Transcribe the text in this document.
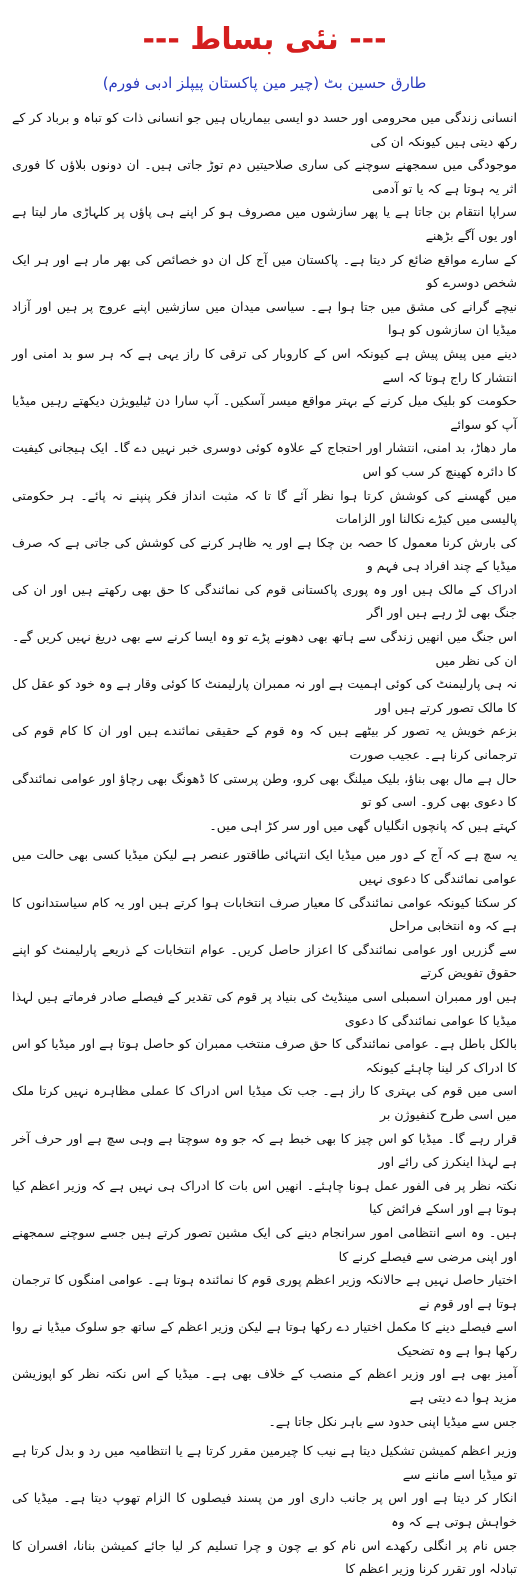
--- نئی بساط ---
طارق حسین بٹ (چیر مین پاکستان پیپلز ادبی فورم)

انسانی زندگی میں محرومی اور حسد دو ایسی بیماریاں ہیں جو انسانی ذات کو تباہ و برباد کر کے رکھ دیتی ہیں کیونکہ ان کی

موجودگی میں سمجھنے سوچنے کی ساری صلاحیتیں دم توڑ جاتی ہیں۔ ان دونوں بلاؤں کا فوری اثر یہ ہوتا ہے کہ یا تو آدمی

سراپا انتقام بن جاتا ہے یا پھر سازشوں میں مصروف ہو کر اپنے ہی پاؤں پر کلہاڑی مار لیتا ہے اور یوں آگے بڑھنے

کے سارے مواقع ضائع کر دیتا ہے۔ پاکستان میں آج کل ان دو خصائص کی بھر مار ہے اور ہر ایک شخص دوسرے کو

نیچے گرانے کی مشق میں جتا ہوا ہے۔ سیاسی میدان میں سازشیں اپنے عروج پر ہیں اور آزاد میڈیا ان سازشوں کو ہوا

دینے میں پیش پیش ہے کیونکہ اس کے کاروبار کی ترقی کا راز یہی ہے کہ ہر سو بد امنی اور انتشار کا راج ہوتا کہ اسے

حکومت کو بلیک میل کرنے کے بہتر مواقع میسر آسکیں۔ آپ سارا دن ٹیلیویژن دیکھتے رہیں میڈیا آپ کو سوائے

مار دھاڑ، بد امنی، انتشار اور احتجاج کے علاوہ کوئی دوسری خبر نہیں دے گا۔ ایک ہیجانی کیفیت کا دائرہ کھینچ کر سب کو اس

میں گھسنے کی کوشش کرتا ہوا نظر آئے گا تا کہ مثبت انداز فکر پنپنے نہ پائے۔ ہر حکومتی پالیسی میں کیڑے نکالنا اور الزامات

کی بارش کرنا معمول کا حصہ بن چکا ہے اور یہ ظاہر کرنے کی کوشش کی جاتی ہے کہ صرف میڈیا کے چند افراد ہی فہم و

ادراک کے مالک ہیں اور وہ پوری پاکستانی قوم کی نمائندگی کا حق بھی رکھتے ہیں اور ان کی جنگ بھی لڑ رہے ہیں اور اگر

اس جنگ میں انھیں زندگی سے ہاتھ بھی دھونے پڑے تو وہ ایسا کرنے سے بھی دریغ نہیں کریں گے۔ ان کی نظر میں

نہ ہی پارلیمنٹ کی کوئی اہمیت ہے اور نہ ممبران پارلیمنٹ کا کوئی وقار ہے وہ خود کو عقل کل کا مالک تصور کرتے ہیں اور

بزعم خویش یہ تصور کر بیٹھے ہیں کہ وہ قوم کے حقیقی نمائندے ہیں اور ان کا کام قوم کی ترجمانی کرنا ہے۔ عجیب صورت

حال ہے مال بھی بناؤ، بلیک میلنگ بھی کرو، وطن پرستی کا ڈھونگ بھی رچاؤ اور عوامی نمائندگی کا دعوی بھی کرو۔ اسی کو تو

کہتے ہیں کہ پانچوں انگلیاں گھی میں اور سر کڑ اہی میں۔

یہ سچ ہے کہ آج کے دور میں میڈیا ایک انتہائی طاقتور عنصر ہے لیکن میڈیا کسی بھی حالت میں عوامی نمائندگی کا دعوی نہیں

کر سکتا کیونکہ عوامی نمائندگی کا معیار صرف انتخابات ہوا کرتے ہیں اور یہ کام سیاستدانوں کا ہے کہ وہ انتخابی مراحل

سے گزریں اور عوامی نمائندگی کا اعزاز حاصل کریں۔ عوام انتخابات کے ذریعے پارلیمنٹ کو اپنے حقوق تفویض کرتے

ہیں اور ممبران اسمبلی اسی مینڈیٹ کی بنیاد پر قوم کی تقدیر کے فیصلے صادر فرماتے ہیں لہذا میڈیا کا عوامی نمائندگی کا دعوی

بالکل باطل ہے۔ عوامی نمائندگی کا حق صرف منتخب ممبران کو حاصل ہوتا ہے اور میڈیا کو اس کا ادراک کر لینا چاہئے کیونکہ

اسی میں قوم کی بہتری کا راز ہے۔ جب تک میڈیا اس ادراک کا عملی مظاہرہ نہیں کرتا ملک میں اسی طرح کنفیوژن بر

قرار رہے گا۔ میڈیا کو اس چیز کا بھی خبط ہے کہ جو وہ سوچتا ہے وہی سچ ہے اور حرف آخر ہے لہذا اینکرز کی رائے اور

نکتہ نظر پر فی الفور عمل ہونا چاہئے۔ انھیں اس بات کا ادراک ہی نہیں ہے کہ وزیر اعظم کیا ہوتا ہے اور اسکے فرائض کیا

ہیں۔ وہ اسے انتظامی امور سرانجام دینے کی ایک مشین تصور کرتے ہیں جسے سوچنے سمجھنے اور اپنی مرضی سے فیصلے کرنے کا

اختیار حاصل نہیں ہے حالانکہ وزیر اعظم پوری قوم کا نمائندہ ہوتا ہے۔ عوامی امنگوں کا ترجمان ہوتا ہے اور قوم نے

اسے فیصلے دینے کا مکمل اختیار دے رکھا ہوتا ہے لیکن وزیر اعظم کے ساتھ جو سلوک میڈیا نے روا رکھا ہوا ہے وہ تضحیک

آمیز بھی ہے اور وزیر اعظم کے منصب کے خلاف بھی ہے۔ میڈیا کے اس نکتہ نظر کو اپوزیشن مزید ہوا دے دیتی ہے

جس سے میڈیا اپنی حدود سے باہر نکل جاتا ہے۔

وزیر اعظم کمیشن تشکیل دیتا ہے نیب کا چیرمین مقرر کرتا ہے یا انتظامیہ میں رد و بدل کرتا ہے تو میڈیا اسے ماننے سے

انکار کر دیتا ہے اور اس پر جانب داری اور من پسند فیصلوں کا الزام تھوپ دیتا ہے۔ میڈیا کی خواہش ہوتی ہے کہ وہ

جس نام پر انگلی رکھدے اس نام کو بے چون و چرا تسلیم کر لیا جائے کمیشن بنانا، افسران کا تبادلہ اور تقرر کرنا وزیر اعظم کا
